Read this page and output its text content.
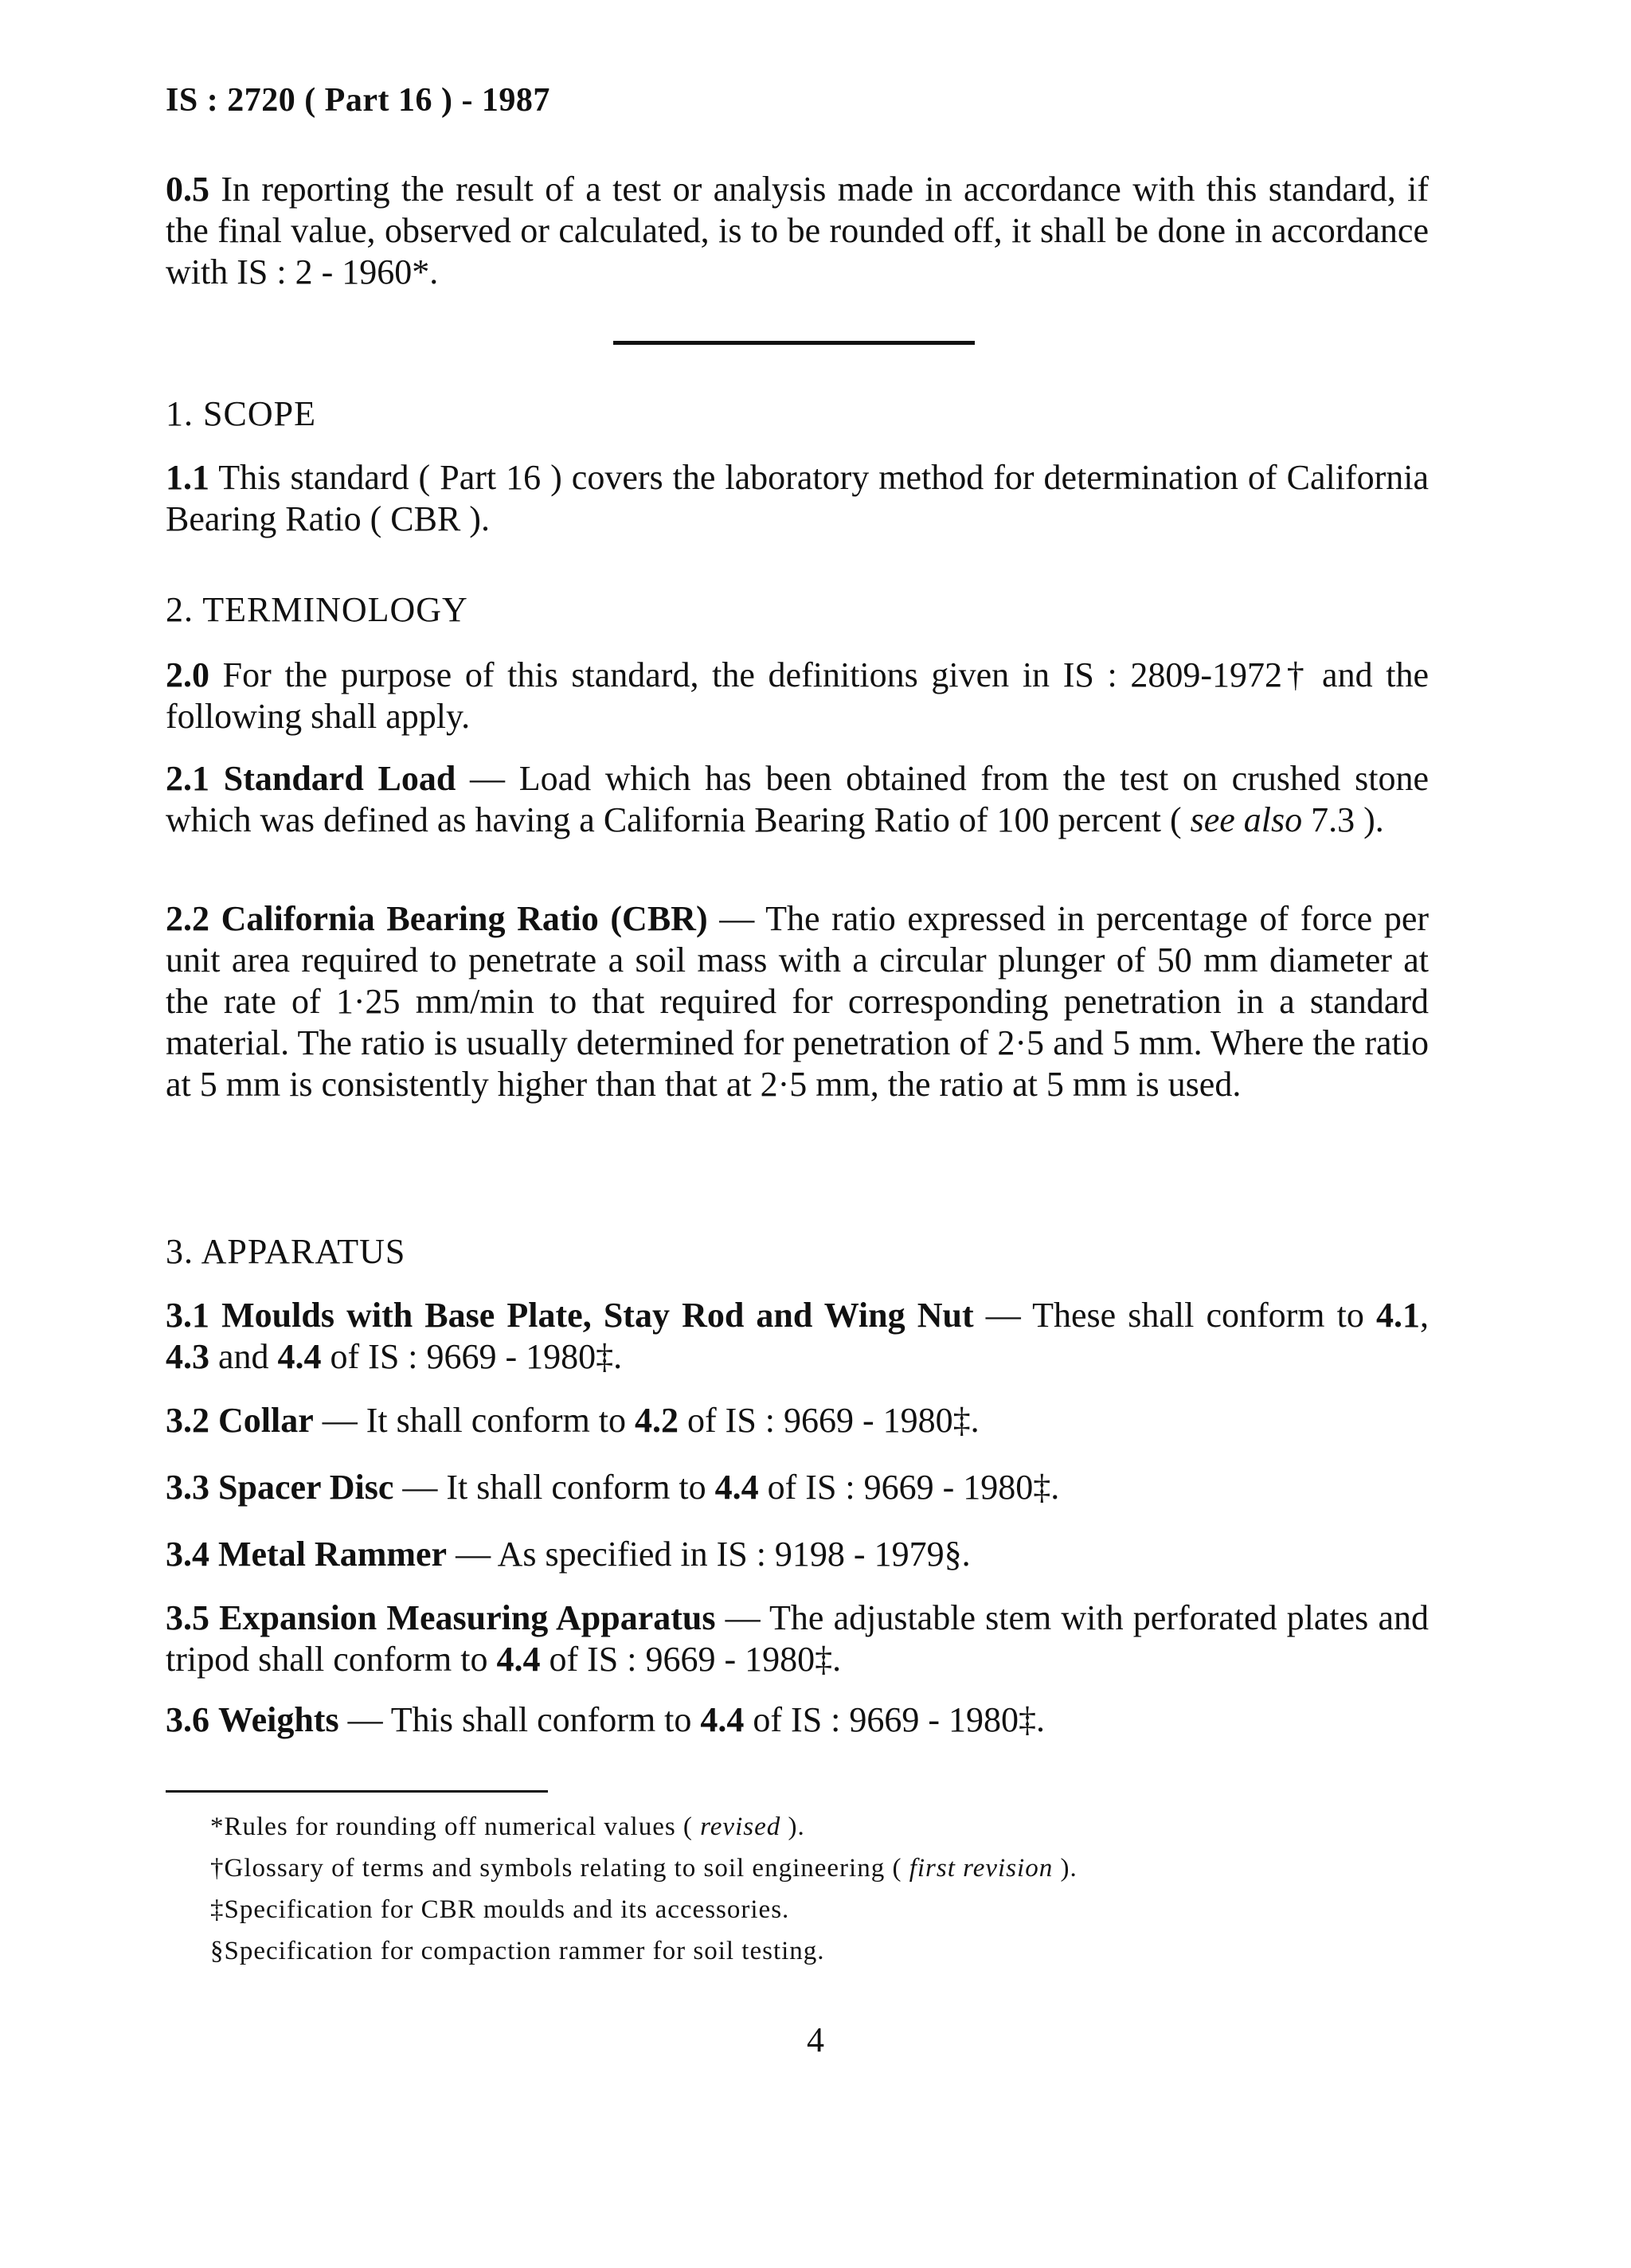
IS : 2720 ( Part 16 ) - 1987
0.5 In reporting the result of a test or analysis made in accordance with this standard, if the final value, observed or calculated, is to be rounded off, it shall be done in accordance with IS : 2 - 1960*.
1. SCOPE
1.1 This standard ( Part 16 ) covers the laboratory method for determination of California Bearing Ratio ( CBR ).
2. TERMINOLOGY
2.0 For the purpose of this standard, the definitions given in IS : 2809-1972† and the following shall apply.
2.1 Standard Load — Load which has been obtained from the test on crushed stone which was defined as having a California Bearing Ratio of 100 percent ( see also 7.3 ).
2.2 California Bearing Ratio (CBR) — The ratio expressed in percentage of force per unit area required to penetrate a soil mass with a circular plunger of 50 mm diameter at the rate of 1·25 mm/min to that required for corresponding penetration in a standard material. The ratio is usually determined for penetration of 2·5 and 5 mm. Where the ratio at 5 mm is consistently higher than that at 2·5 mm, the ratio at 5 mm is used.
3. APPARATUS
3.1 Moulds with Base Plate, Stay Rod and Wing Nut — These shall conform to 4.1, 4.3 and 4.4 of IS : 9669 - 1980‡.
3.2 Collar — It shall conform to 4.2 of IS : 9669 - 1980‡.
3.3 Spacer Disc — It shall conform to 4.4 of IS : 9669 - 1980‡.
3.4 Metal Rammer — As specified in IS : 9198 - 1979§.
3.5 Expansion Measuring Apparatus — The adjustable stem with perforated plates and tripod shall conform to 4.4 of IS : 9669 - 1980‡.
3.6 Weights — This shall conform to 4.4 of IS : 9669 - 1980‡.
*Rules for rounding off numerical values ( revised ).
†Glossary of terms and symbols relating to soil engineering ( first revision ).
‡Specification for CBR moulds and its accessories.
§Specification for compaction rammer for soil testing.
4
